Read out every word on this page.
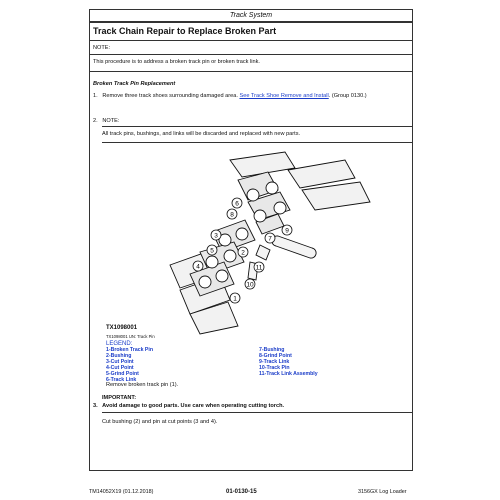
Track System
Track Chain Repair to Replace Broken Part
NOTE:
This procedure is to address a broken track pin or broken track link.
Broken Track Pin Replacement
1. Remove three track shoes surrounding damaged area. See Track Shoe Remove and Install. (Group 0130.)
2. NOTE:
All track pins, bushings, and links will be discarded and replaced with new parts.
6
8
9
3	7
5	2
4	11
10
1
TX1098001
TX1098001 UN: Track Pin
LEGEND:
1-Broken Track Pin
2-Bushing
3-Cut Point
4-Cut Point
5-Grind Point
6-Track Link
7-Bushing
8-Grind Point
9-Track Link
10-Track Pin
11-Track Link Assembly
Remove broken track pin (1).
IMPORTANT:
3. Avoid damage to good parts. Use care when operating cutting torch.
Cut bushing (2) and pin at cut points (3 and 4).
TM14052X19 (01.12.2018)	01-0130-15	3156GX Log Loader
